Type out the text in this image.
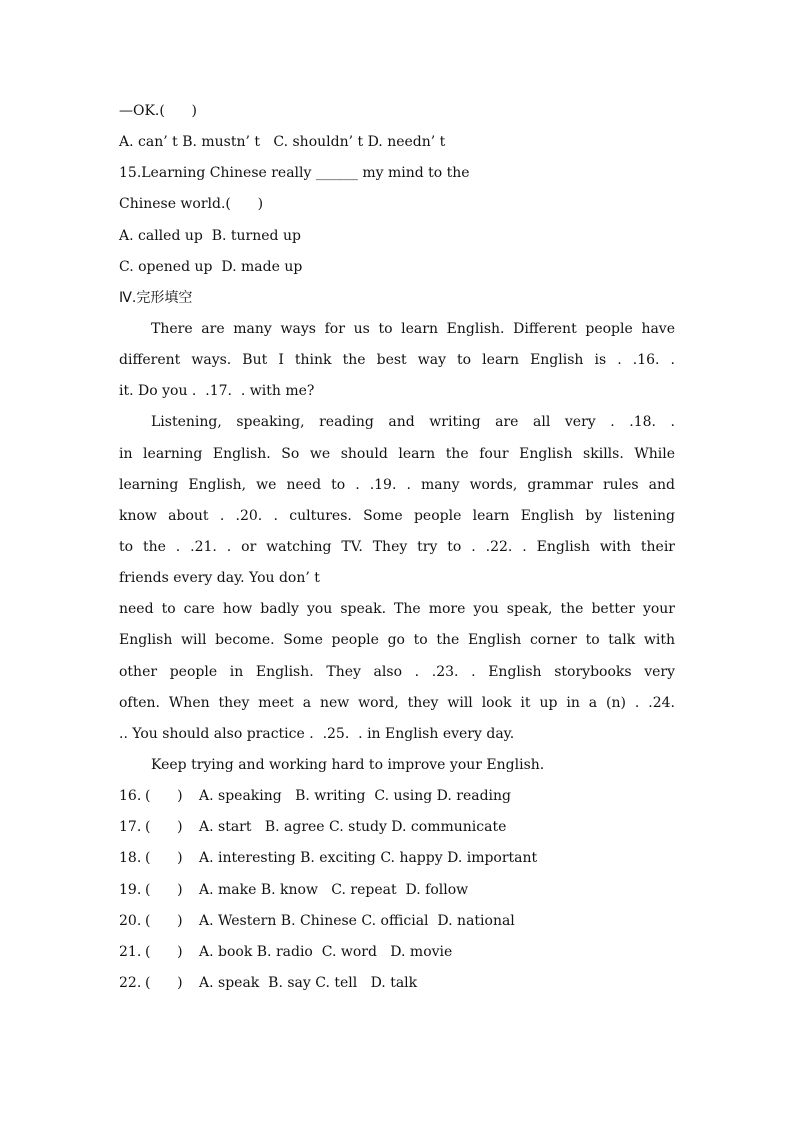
—OK.(      )
A. can’ t B. mustn’ t   C. shouldn’ t D. needn’ t
15.Learning Chinese really ______ my mind to the
Chinese world.(      )
A. called up  B. turned up
C. opened up  D. made up
Ⅳ.完形填空
There are many ways for us to learn English. Different people have
different ways. But I think the best way to learn English is . .16. .
it. Do you .  .17.  . with me?
Listening, speaking, reading and writing are all very . .18. .
in learning English. So we should learn the four English skills. While
learning English, we need to . .19. . many words, grammar rules and
know about . .20. . cultures. Some people learn English by listening
to the . .21. . or watching TV. They try to . .22. . English with their
friends every day. You don’ t
need to care how badly you speak. The more you speak, the better your
English will become. Some people go to the English corner to talk with
other people in English. They also . .23. . English storybooks very
often. When they meet a new word, they will look it up in a (n) . .24.
.. You should also practice .  .25.  . in English every day.
Keep trying and working hard to improve your English.
16. (      ) A. speaking   B. writing  C. using D. reading
17. (      ) A. start   B. agree C. study D. communicate
18. (      ) A. interesting B. exciting C. happy D. important
19. (      ) A. make B. know   C. repeat  D. follow
20. (      ) A. Western B. Chinese C. official  D. national
21. (      ) A. book B. radio  C. word   D. movie
22. (      ) A. speak  B. say C. tell   D. talk
